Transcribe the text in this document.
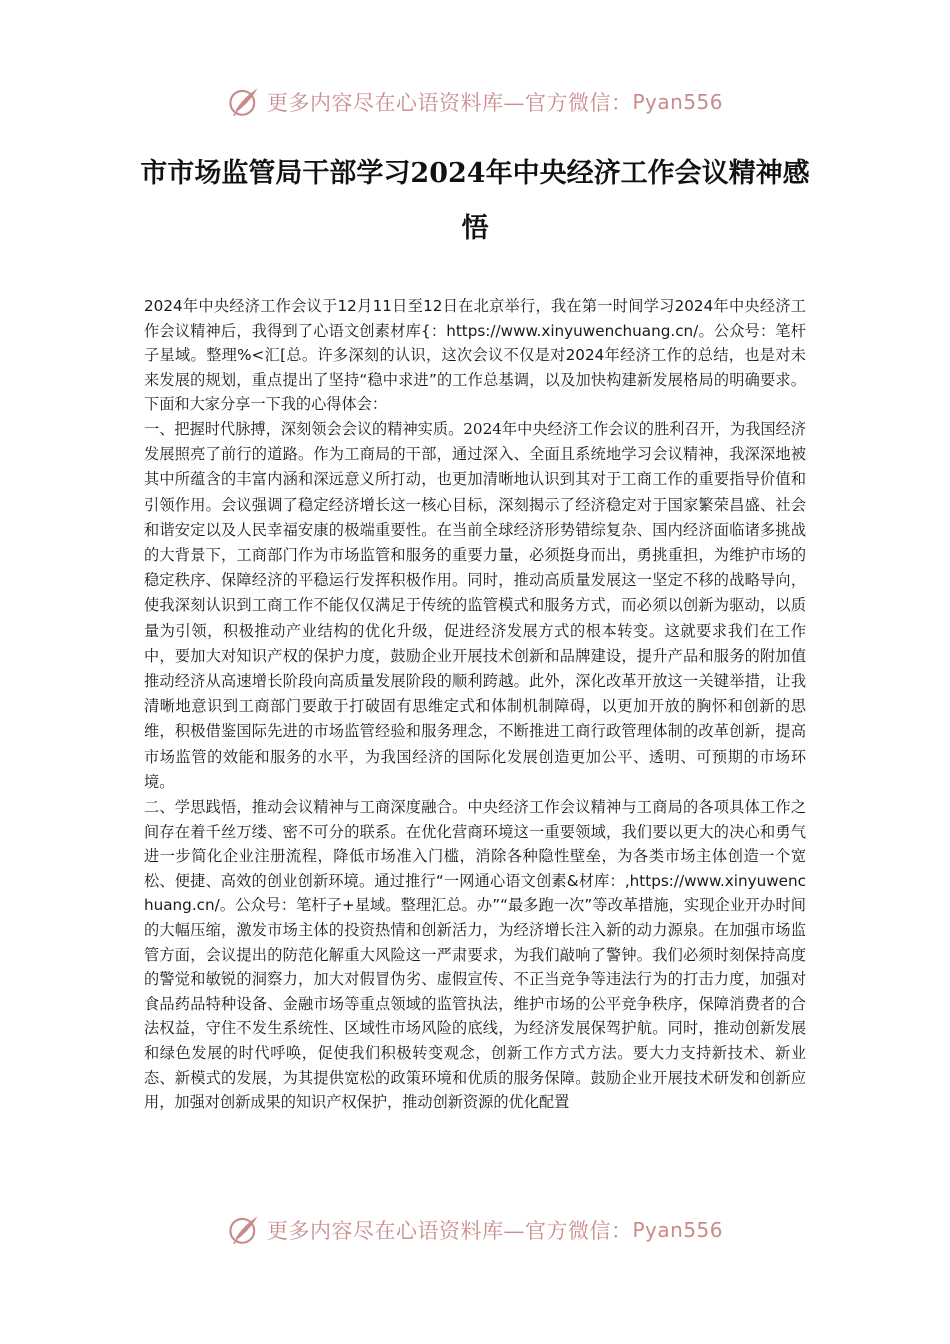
更多内容尽在心语资料库—官方微信： Pyan556
市市场监管局干部学习2024年中央经济工作会议精神感悟

2024年中央经济工作会议于12月11日至12日在北京举行，我在第一时间学习2024年中央经济工作会议精神后，我得到了心语文创素材库{：https://www.xinyuwenchuang.cn/。公众号：笔杆子星域。整理%<汇[总。许多深刻的认识，这次会议不仅是对2024年经济工作的总结，也是对未来发展的规划，重点提出了坚持“稳中求进”的工作总基调，以及加快构建新发展格局的明确要求。下面和大家分享一下我的心得体会：

一、把握时代脉搏，深刻领会会议的精神实质。2024年中央经济工作会议的胜利召开，为我国经济发展照亮了前行的道路。作为工商局的干部，通过深入、全面且系统地学习会议精神，我深深地被其中所蕴含的丰富内涵和深远意义所打动，也更加清晰地认识到其对于工商工作的重要指导价值和引领作用。会议强调了稳定经济增长这一核心目标，深刻揭示了经济稳定对于国家繁荣昌盛、社会和谐安定以及人民幸福安康的极端重要性。在当前全球经济形势错综复杂、国内经济面临诸多挑战的大背景下，工商部门作为市场监管和服务的重要力量，必须挺身而出，勇挑重担，为维护市场的稳定秩序、保障经济的平稳运行发挥积极作用。同时，推动高质量发展这一坚定不移的战略导向，使我深刻认识到工商工作不能仅仅满足于传统的监管模式和服务方式，而必须以创新为驱动，以质量为引领，积极推动产业结构的优化升级，促进经济发展方式的根本转变。这就要求我们在工作中，要加大对知识产权的保护力度，鼓励企业开展技术创新和品牌建设，提升产品和服务的附加值推动经济从高速增长阶段向高质量发展阶段的顺利跨越。此外，深化改革开放这一关键举措，让我清晰地意识到工商部门要敢于打破固有思维定式和体制机制障碍，以更加开放的胸怀和创新的思维，积极借鉴国际先进的市场监管经验和服务理念，不断推进工商行政管理体制的改革创新，提高市场监管的效能和服务的水平，为我国经济的国际化发展创造更加公平、透明、可预期的市场环境。

二、学思践悟，推动会议精神与工商深度融合。中央经济工作会议精神与工商局的各项具体工作之间存在着千丝万缕、密不可分的联系。在优化营商环境这一重要领域，我们要以更大的决心和勇气进一步简化企业注册流程，降低市场准入门槛，消除各种隐性壁垒，为各类市场主体创造一个宽松、便捷、高效的创业创新环境。通过推行“一网通心语文创素&材库：,https://www.xinyuwenchuang.cn/。公众号：笔杆子+星域。整理汇总。办”“最多跑一次”等改革措施，实现企业开办时间的大幅压缩，激发市场主体的投资热情和创新活力，为经济增长注入新的动力源泉。在加强市场监管方面，会议提出的防范化解重大风险这一严肃要求，为我们敲响了警钟。我们必须时刻保持高度的警觉和敏锐的洞察力，加大对假冒伪劣、虚假宣传、不正当竞争等违法行为的打击力度，加强对食品药品特种设备、金融市场等重点领域的监管执法，维护市场的公平竞争秩序，保障消费者的合法权益，守住不发生系统性、区域性市场风险的底线，为经济发展保驾护航。同时，推动创新发展和绿色发展的时代呼唤，促使我们积极转变观念，创新工作方式方法。要大力支持新技术、新业态、新模式的发展，为其提供宽松的政策环境和优质的服务保障。鼓励企业开展技术研发和创新应用，加强对创新成果的知识产权保护，推动创新资源的优化配置

更多内容尽在心语资料库—官方微信： Pyan556
